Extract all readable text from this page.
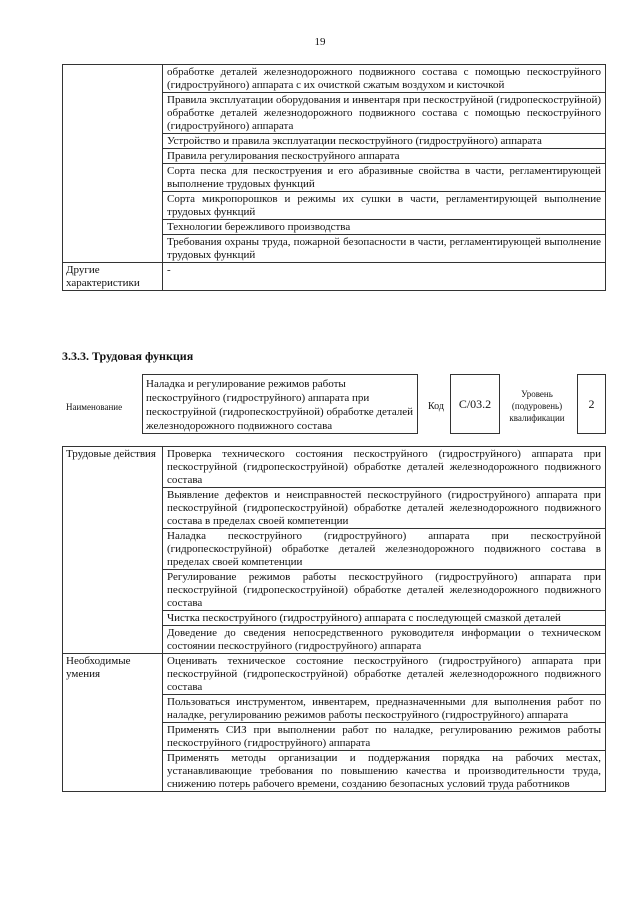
19
	обработке деталей железнодорожного подвижного состава с помощью пескоструйного (гидроструйного) аппарата с их очисткой сжатым воздухом и кисточкой
	Правила эксплуатации оборудования и инвентаря при пескоструйной (гидропескоструйной) обработке деталей железнодорожного подвижного состава с помощью пескоструйного (гидроструйного) аппарата
	Устройство и правила эксплуатации пескоструйного (гидроструйного) аппарата
	Правила регулирования пескоструйного аппарата
	Сорта песка для пескоструения и его абразивные свойства в части, регламентирующей выполнение трудовых функций
	Сорта микропорошков и режимы их сушки в части, регламентирующей выполнение трудовых функций
	Технологии бережливого производства
	Требования охраны труда, пожарной безопасности в части, регламентирующей выполнение трудовых функций
Другие характеристики	-
3.3.3. Трудовая функция
Наименование
Наладка и регулирование режимов работы пескоструйного (гидроструйного) аппарата при пескоструйной (гидропескоструйной) обработке деталей железнодорожного подвижного состава
Код С/03.2
Уровень (подуровень) квалификации
2
Трудовые действия	Проверка технического состояния пескоструйного (гидроструйного) аппарата при пескоструйной (гидропескоструйной) обработке деталей железнодорожного подвижного состава
	Выявление дефектов и неисправностей пескоструйного (гидроструйного) аппарата при пескоструйной (гидропескоструйной) обработке деталей железнодорожного подвижного состава в пределах своей компетенции
	Наладка пескоструйного (гидроструйного) аппарата при пескоструйной (гидропескоструйной) обработке деталей железнодорожного подвижного состава в пределах своей компетенции
	Регулирование режимов работы пескоструйного (гидроструйного) аппарата при пескоструйной (гидропескоструйной) обработке деталей железнодорожного подвижного состава
	Чистка пескоструйного (гидроструйного) аппарата с последующей смазкой деталей
	Доведение до сведения непосредственного руководителя информации о техническом состоянии пескоструйного (гидроструйного) аппарата
Необходимые умения	Оценивать техническое состояние пескоструйного (гидроструйного) аппарата при пескоструйной (гидропескоструйной) обработке деталей железнодорожного подвижного состава
	Пользоваться инструментом, инвентарем, предназначенными для выполнения работ по наладке, регулированию режимов работы пескоструйного (гидроструйного) аппарата
	Применять СИЗ при выполнении работ по наладке, регулированию режимов работы пескоструйного (гидроструйного) аппарата
	Применять методы организации и поддержания порядка на рабочих местах, устанавливающие требования по повышению качества и производительности труда, снижению потерь рабочего времени, созданию безопасных условий труда работников
